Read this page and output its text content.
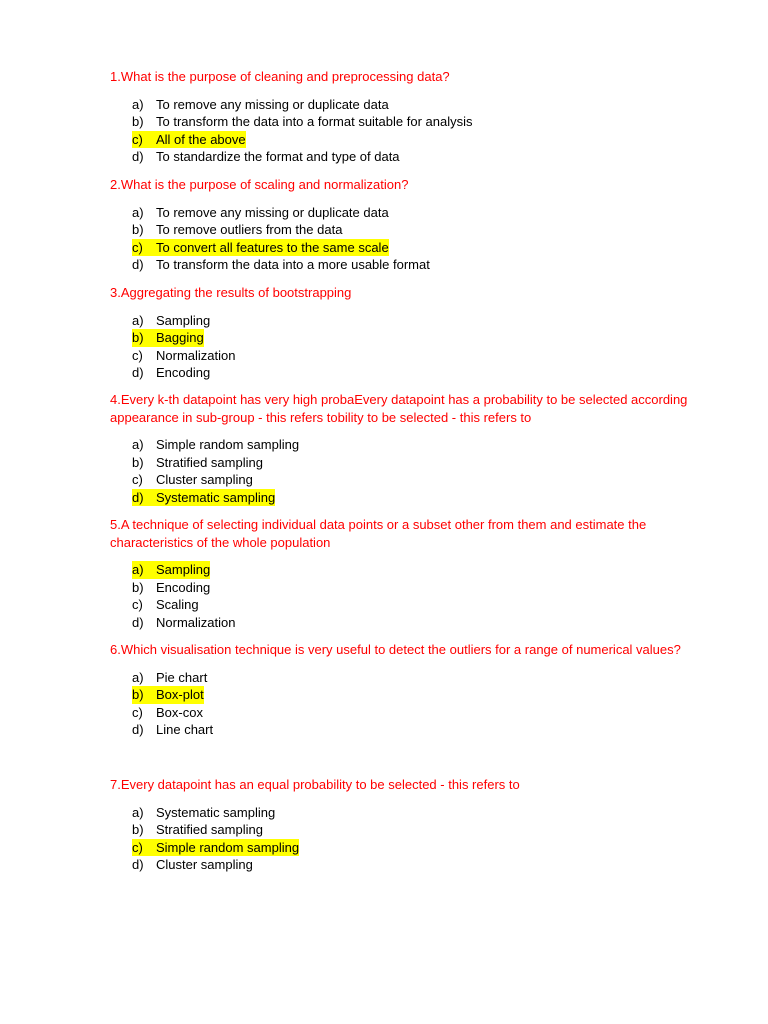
1.What is the purpose of cleaning and preprocessing data?

a) To remove any missing or duplicate data
b) To transform the data into a format suitable for analysis
c) All of the above
d) To standardize the format and type of data

2.What is the purpose of scaling and normalization?

a) To remove any missing or duplicate data
b) To remove outliers from the data
c) To convert all features to the same scale
d) To transform the data into a more usable format

3.Aggregating the results of bootstrapping

a) Sampling
b) Bagging
c) Normalization
d) Encoding

4.Every k-th datapoint has very high probaEvery datapoint has a probability to be selected according appearance in sub-group - this refers tobility to be selected - this refers to

a) Simple random sampling
b) Stratified sampling
c) Cluster sampling
d) Systematic sampling

5.A technique of selecting individual data points or a subset other from them and estimate the characteristics of the whole population

a) Sampling
b) Encoding
c) Scaling
d) Normalization

6.Which visualisation technique is very useful to detect the outliers for a range of numerical values?

a) Pie chart
b) Box-plot
c) Box-cox
d) Line chart

7.Every datapoint has an equal probability to be selected - this refers to

a) Systematic sampling
b) Stratified sampling
c) Simple random sampling
d) Cluster sampling
